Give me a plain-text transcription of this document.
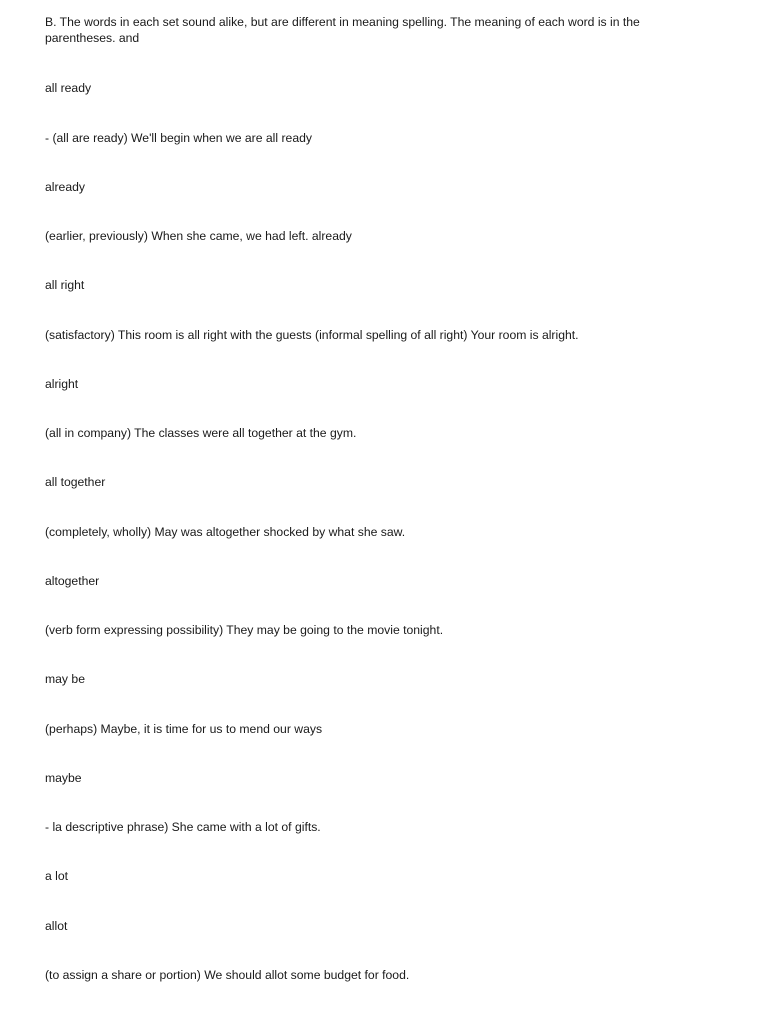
B. The words in each set sound alike, but are different in meaning spelling. The meaning of each word is in the parentheses. and
all ready
- (all are ready) We'll begin when we are all ready
already
(earlier, previously) When she came, we had left. already
all right
(satisfactory) This room is all right with the guests (informal spelling of all right) Your room is alright.
alright
(all in company) The classes were all together at the gym.
all together
(completely, wholly) May was altogether shocked by what she saw.
altogether
(verb form expressing possibility) They may be going to the movie tonight.
may be
(perhaps) Maybe, it is time for us to mend our ways
maybe
- la descriptive phrase) She came with a lot of gifts.
a lot
allot
(to assign a share or portion) We should allot some budget for food.
